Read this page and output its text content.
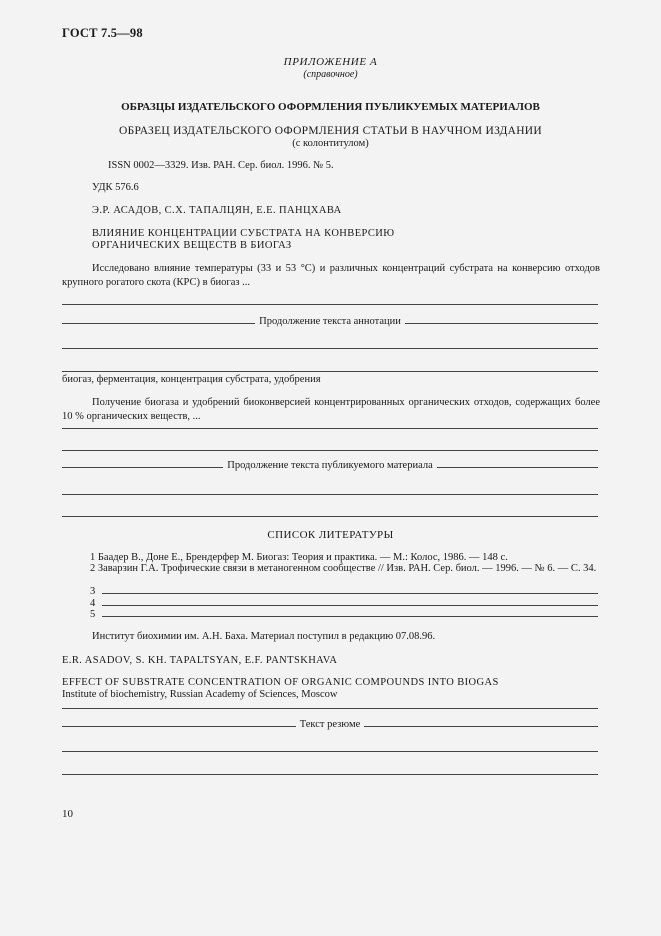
ГОСТ 7.5—98
ПРИЛОЖЕНИЕ А
(справочное)
ОБРАЗЦЫ ИЗДАТЕЛЬСКОГО ОФОРМЛЕНИЯ ПУБЛИКУЕМЫХ МАТЕРИАЛОВ
ОБРАЗЕЦ ИЗДАТЕЛЬСКОГО ОФОРМЛЕНИЯ СТАТЬИ В НАУЧНОМ ИЗДАНИИ
(с колонтитулом)
ISSN 0002—3329. Изв. РАН. Сер. биол. 1996. № 5.
УДК 576.6
Э.Р. АСАДОВ, С.Х. ТАПАЛЦЯН, Е.Е. ПАНЦХАВА
ВЛИЯНИЕ КОНЦЕНТРАЦИИ СУБСТРАТА НА КОНВЕРСИЮ
ОРГАНИЧЕСКИХ ВЕЩЕСТВ В БИОГАЗ
Исследовано влияние температуры (33 и 53 °С) и различных концентраций субстрата на конверсию отходов крупного рогатого скота (КРС) в биогаз ...
Продолжение текста аннотации
биогаз, ферментация, концентрация субстрата, удобрения
Получение биогаза и удобрений биоконверсией концентрированных органических отходов, содержащих более 10 % органических веществ, ...
Продолжение текста публикуемого материала
СПИСОК ЛИТЕРАТУРЫ
1 Баадер В., Доне Е., Брендерфер М. Биогаз: Теория и практика. — М.: Колос, 1986. — 148 с.
2 Заварзин Г.А. Трофические связи в метаногенном сообществе // Изв. РАН. Сер. биол. — 1996. — № 6. — С. 34.
3
4
5
Институт биохимии им. А.Н. Баха. Материал поступил в редакцию 07.08.96.
E.R. ASADOV, S. KH. TAPALTSYAN, E.F. PANTSKHAVA
EFFECT OF SUBSTRATE CONCENTRATION OF ORGANIC COMPOUNDS INTO BIOGAS
Institute of biochemistry, Russian Academy of Sciences, Moscow
Текст резюме
10
